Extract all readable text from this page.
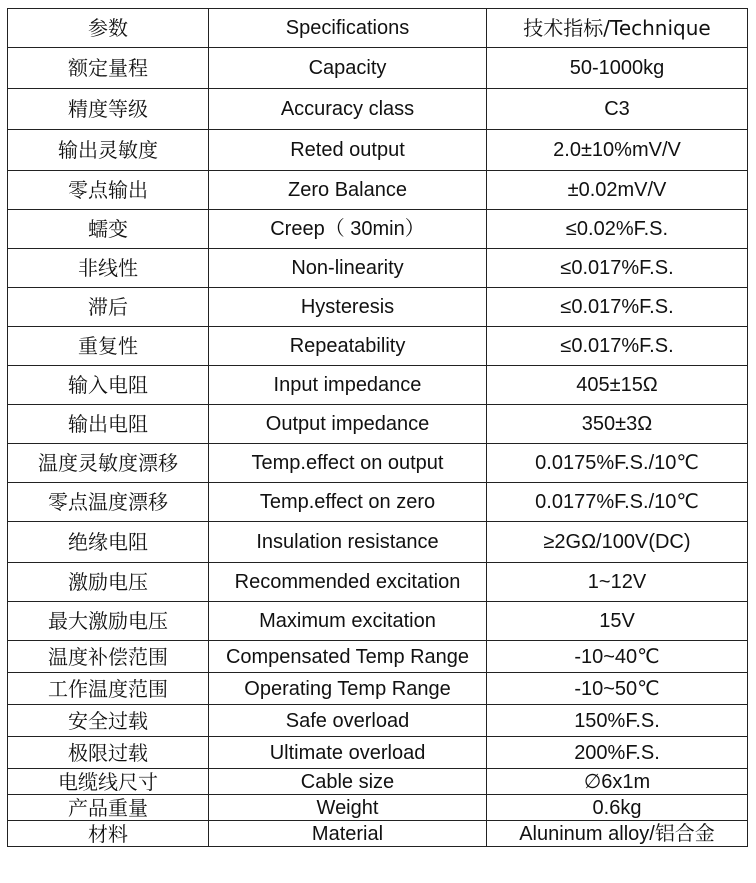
参数	Specifications	技术指标/Technique
额定量程	Capacity	50-1000kg
精度等级	Accuracy class	C3
输出灵敏度	Reted output	2.0±10%mV/V
零点输出	Zero Balance	±0.02mV/V
蠕变	Creep（ 30min）	≤0.02%F.S.
非线性	Non-linearity	≤0.017%F.S.
滞后	Hysteresis	≤0.017%F.S.
重复性	Repeatability	≤0.017%F.S.
输入电阻	Input impedance	405±15Ω
输出电阻	Output impedance	350±3Ω
温度灵敏度漂移	Temp.effect on output	0.0175%F.S./10℃
零点温度漂移	Temp.effect on zero	0.0177%F.S./10℃
绝缘电阻	Insulation resistance	≥2GΩ/100V(DC)
激励电压	Recommended excitation	1~12V
最大激励电压	Maximum excitation	15V
温度补偿范围	Compensated Temp Range	-10~40℃
工作温度范围	Operating Temp Range	-10~50℃
安全过载	Safe overload	150%F.S.
极限过载	Ultimate overload	200%F.S.
电缆线尺寸	Cable size	∅6x1m
产品重量	Weight	0.6kg
材料	Material	Aluninum alloy/铝合金
